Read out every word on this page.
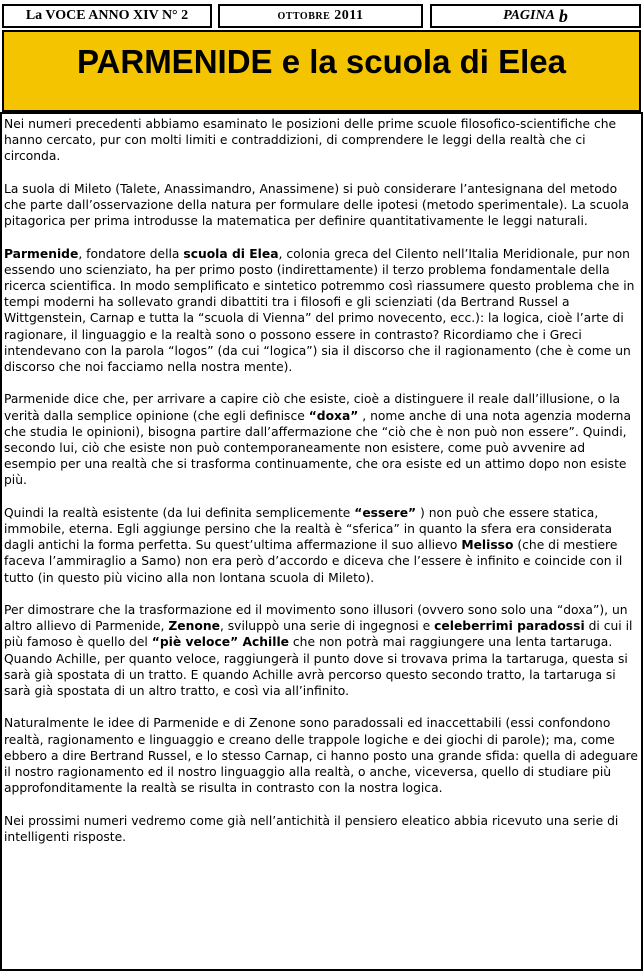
La VOCE ANNO XIV N° 2	ottobre 2011	PAGINA b
PARMENIDE e la scuola di Elea

Nei numeri precedenti abbiamo esaminato le posizioni delle prime scuole filosofico-scientifiche che hanno cercato, pur con molti limiti e contraddizioni, di comprendere le leggi della realtà che ci circonda.

La suola di Mileto (Talete, Anassimandro, Anassimene) si può considerare l’antesignana del metodo che parte dall’osservazione della natura per formulare delle ipotesi (metodo sperimentale). La scuola pitagorica per prima introdusse la matematica per definire quantitativamente le leggi naturali.

Parmenide, fondatore della scuola di Elea, colonia greca del Cilento nell’Italia Meridionale, pur non essendo uno scienziato, ha per primo posto (indirettamente) il terzo problema fondamentale della ricerca scientifica. In modo semplificato e sintetico potremmo così riassumere questo problema che in tempi moderni ha sollevato grandi dibattiti tra i filosofi e gli scienziati (da Bertrand Russel a Wittgenstein, Carnap e tutta la “scuola di Vienna” del primo novecento, ecc.): la logica, cioè l’arte di ragionare, il linguaggio e la realtà sono o possono essere in contrasto? Ricordiamo che i Greci intendevano con la parola “logos” (da cui “logica”) sia il discorso che il ragionamento (che è come un discorso che noi facciamo nella nostra mente).

Parmenide dice che, per arrivare a capire ciò che esiste, cioè a distinguere il reale dall’illusione, o la verità dalla semplice opinione (che egli definisce “doxa” , nome anche di una nota agenzia moderna che studia le opinioni), bisogna partire dall’affermazione che “ciò che è non può non essere”. Quindi, secondo lui, ciò che esiste non può contemporaneamente non esistere, come può avvenire ad esempio per una realtà che si trasforma continuamente, che ora esiste ed un attimo dopo non esiste più.

Quindi la realtà esistente (da lui definita semplicemente “essere” ) non può che essere statica, immobile, eterna. Egli aggiunge persino che la realtà è “sferica” in quanto la sfera era considerata dagli antichi la forma perfetta. Su quest’ultima affermazione il suo allievo Melisso (che di mestiere faceva l’ammiraglio a Samo) non era però d’accordo e diceva che l’essere è infinito e coincide con il tutto (in questo più vicino alla non lontana scuola di Mileto).

Per dimostrare che la trasformazione ed il movimento sono illusori (ovvero sono solo una “doxa”), un altro allievo di Parmenide, Zenone, sviluppò una serie di ingegnosi e celeberrimi paradossi di cui il più famoso è quello del “piè veloce” Achille che non potrà mai raggiungere una lenta tartaruga. Quando Achille, per quanto veloce, raggiungerà il punto dove si trovava prima la tartaruga, questa si sarà già spostata di un tratto. E quando Achille avrà percorso questo secondo tratto, la tartaruga si sarà già spostata di un altro tratto, e così via all’infinito.

Naturalmente le idee di Parmenide e di Zenone sono paradossali ed inaccettabili (essi confondono realtà, ragionamento e linguaggio e creano delle trappole logiche e dei giochi di parole); ma, come ebbero a dire Bertrand Russel, e lo stesso Carnap, ci hanno posto una grande sfida: quella di adeguare il nostro ragionamento ed il nostro linguaggio alla realtà, o anche, viceversa, quello di studiare più approfonditamente la realtà se risulta in contrasto con la nostra logica.

Nei prossimi numeri vedremo come già nell’antichità il pensiero eleatico abbia ricevuto una serie di intelligenti risposte.
